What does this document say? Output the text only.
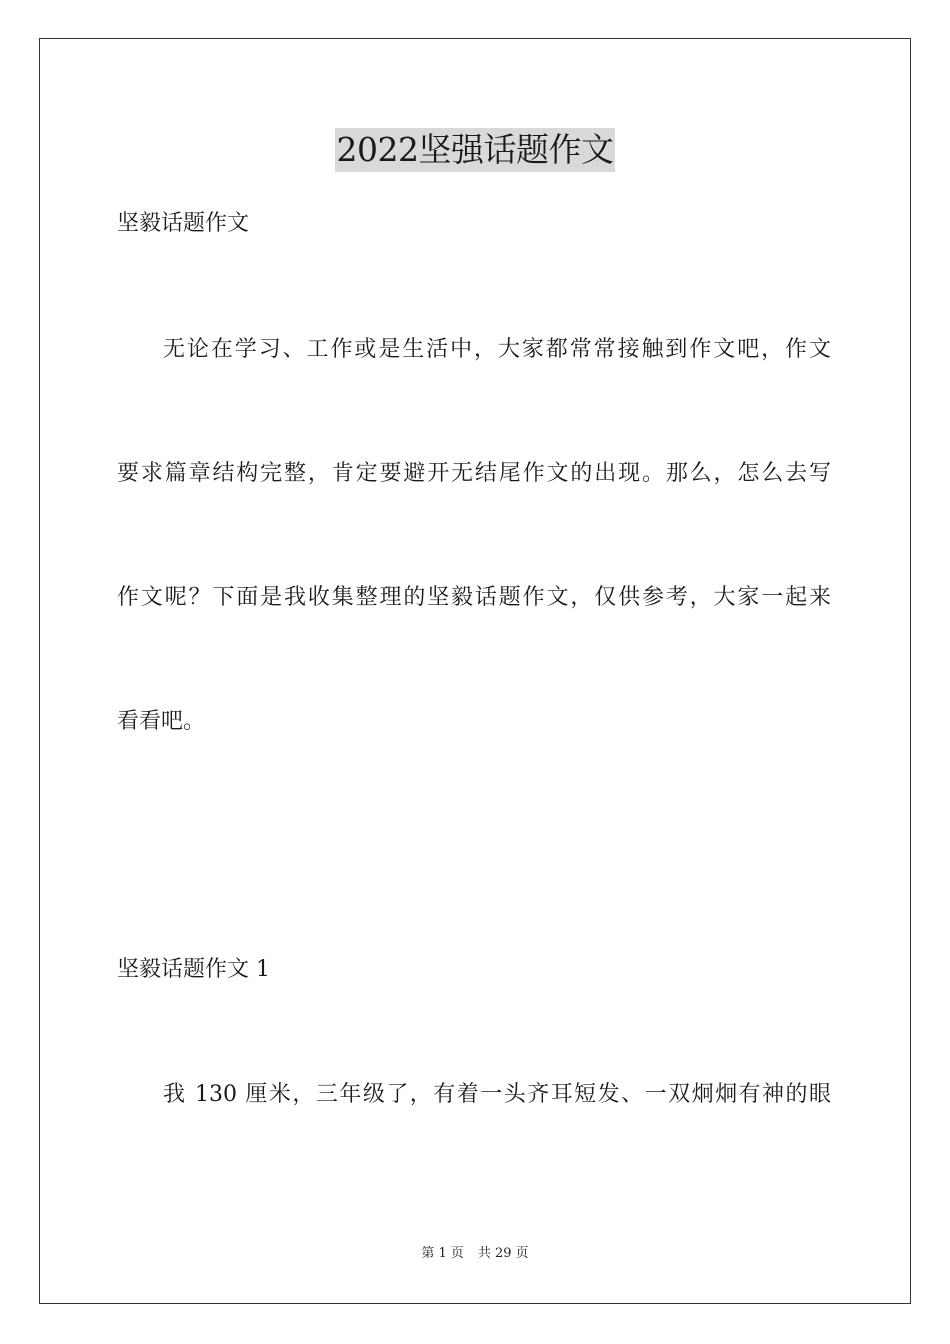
2022坚强话题作文
坚毅话题作文
无论在学习、工作或是生活中，大家都常常接触到作文吧，作文
要求篇章结构完整，肯定要避开无结尾作文的出现。那么，怎么去写
作文呢？下面是我收集整理的坚毅话题作文，仅供参考，大家一起来
看看吧。
坚毅话题作文 1
我 130 厘米，三年级了，有着一头齐耳短发、一双炯炯有神的眼
第 1 页 共 29 页
